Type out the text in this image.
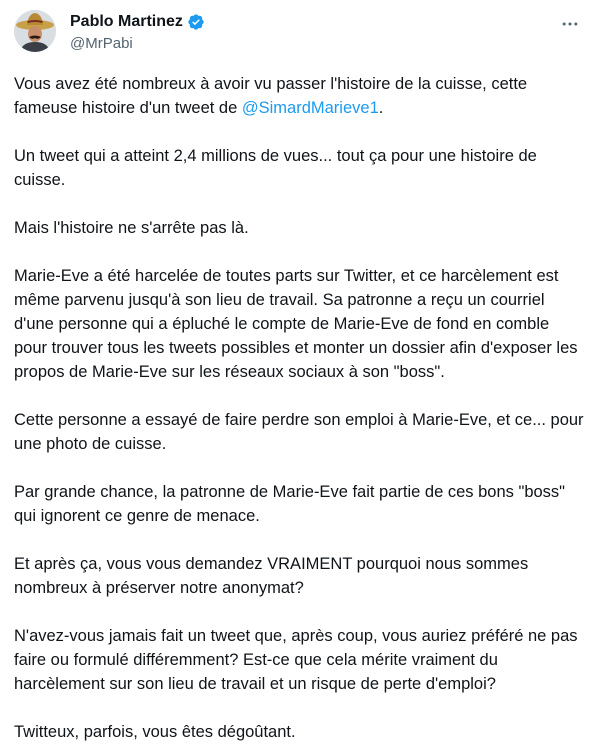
Pablo Martinez
@MrPabi

Vous avez été nombreux à avoir vu passer l'histoire de la cuisse, cette fameuse histoire d'un tweet de @SimardMarieve1.

Un tweet qui a atteint 2,4 millions de vues... tout ça pour une histoire de cuisse.

Mais l'histoire ne s'arrête pas là.

Marie-Eve a été harcelée de toutes parts sur Twitter, et ce harcèlement est même parvenu jusqu'à son lieu de travail. Sa patronne a reçu un courriel d'une personne qui a épluché le compte de Marie-Eve de fond en comble pour trouver tous les tweets possibles et monter un dossier afin d'exposer les propos de Marie-Eve sur les réseaux sociaux à son "boss".

Cette personne a essayé de faire perdre son emploi à Marie-Eve, et ce... pour une photo de cuisse.

Par grande chance, la patronne de Marie-Eve fait partie de ces bons "boss" qui ignorent ce genre de menace.

Et après ça, vous vous demandez VRAIMENT pourquoi nous sommes nombreux à préserver notre anonymat?

N'avez-vous jamais fait un tweet que, après coup, vous auriez préféré ne pas faire ou formulé différemment? Est-ce que cela mérite vraiment du harcèlement sur son lieu de travail et un risque de perte d'emploi?

Twitteux, parfois, vous êtes dégoûtant.
